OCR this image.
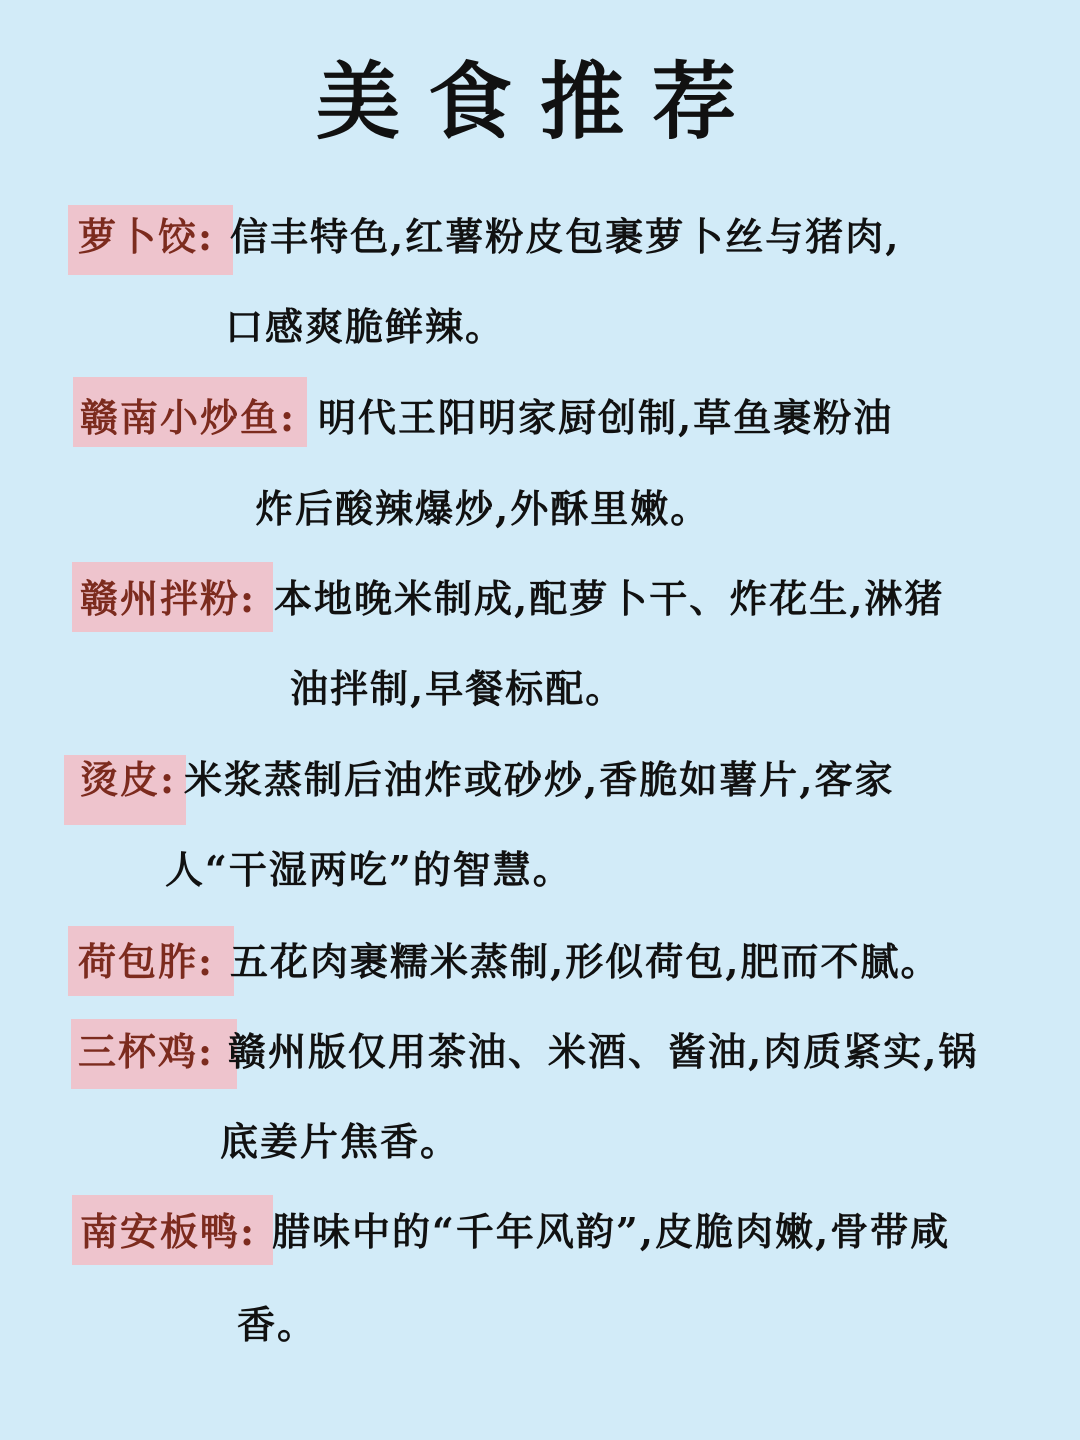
美食推荐
萝卜饺: 信丰特色,红薯粉皮包裹萝卜丝与猪肉,
口感爽脆鲜辣。
赣南小炒鱼: 明代王阳明家厨创制,草鱼裹粉油
炸后酸辣爆炒,外酥里嫩。
赣州拌粉: 本地晚米制成,配萝卜干、炸花生,淋猪
油拌制,早餐标配。
烫皮: 米浆蒸制后油炸或砂炒,香脆如薯片,客家
人“干湿两吃”的智慧。
荷包胙: 五花肉裹糯米蒸制,形似荷包,肥而不腻。
三杯鸡: 赣州版仅用茶油、米酒、酱油,肉质紧实,锅
底姜片焦香。
南安板鸭: 腊味中的“千年风韵”,皮脆肉嫩,骨带咸
香。
